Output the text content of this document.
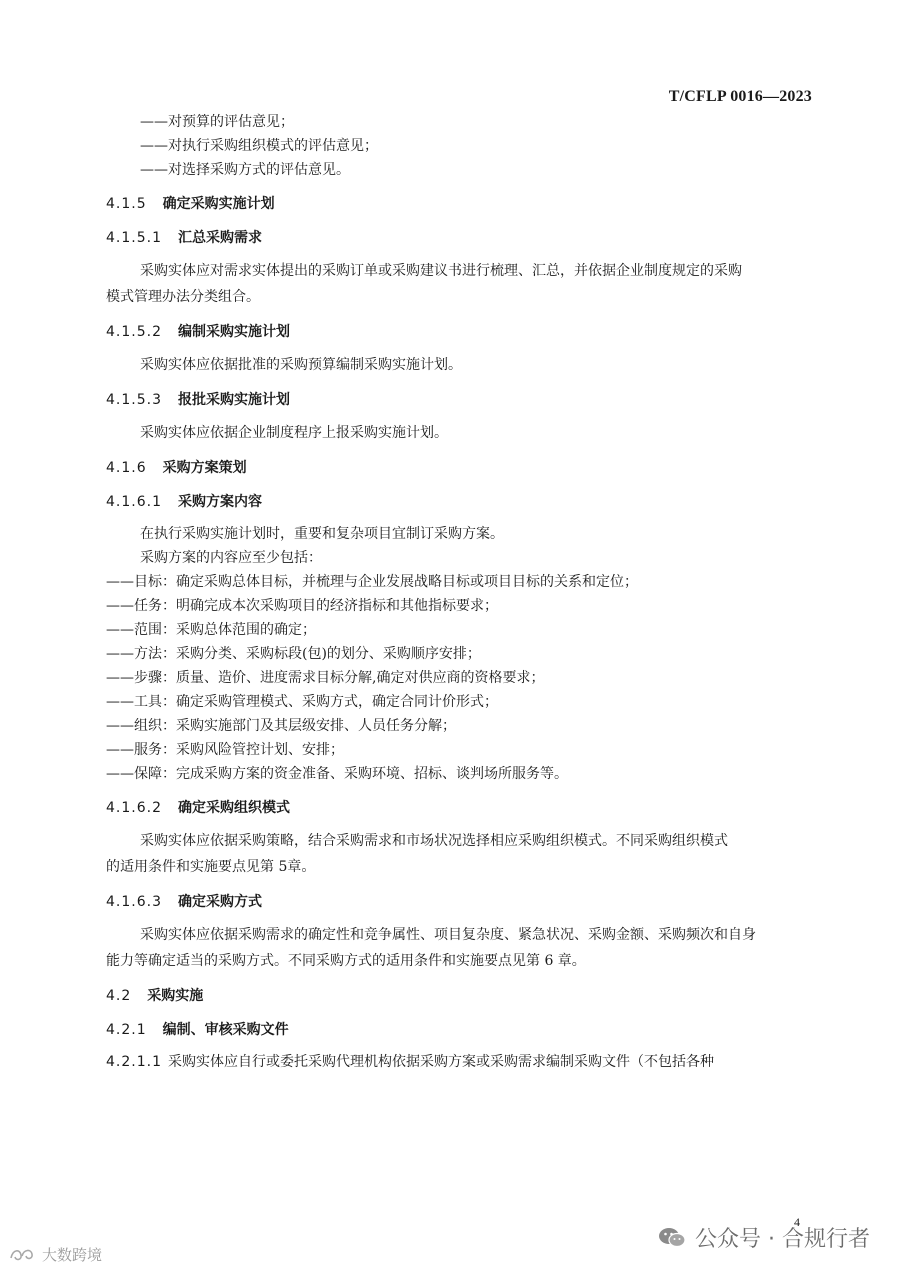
T/CFLP 0016—2023
——对预算的评估意见；
——对执行采购组织模式的评估意见；
——对选择采购方式的评估意见。
4.1.5 确定采购实施计划
4.1.5.1 汇总采购需求
采购实体应对需求实体提出的采购订单或采购建议书进行梳理、汇总，并依据企业制度规定的采购
模式管理办法分类组合。
4.1.5.2 编制采购实施计划
采购实体应依据批准的采购预算编制采购实施计划。
4.1.5.3 报批采购实施计划
采购实体应依据企业制度程序上报采购实施计划。
4.1.6 采购方案策划
4.1.6.1 采购方案内容
在执行采购实施计划时，重要和复杂项目宜制订采购方案。
采购方案的内容应至少包括：
——目标：确定采购总体目标，并梳理与企业发展战略目标或项目目标的关系和定位；
——任务：明确完成本次采购项目的经济指标和其他指标要求；
——范围：采购总体范围的确定；
——方法：采购分类、采购标段(包)的划分、采购顺序安排；
——步骤：质量、造价、进度需求目标分解,确定对供应商的资格要求；
——工具：确定采购管理模式、采购方式，确定合同计价形式；
——组织：采购实施部门及其层级安排、人员任务分解；
——服务：采购风险管控计划、安排；
——保障：完成采购方案的资金准备、采购环境、招标、谈判场所服务等。
4.1.6.2 确定采购组织模式
采购实体应依据采购策略，结合采购需求和市场状况选择相应采购组织模式。不同采购组织模式
的适用条件和实施要点见第 5章。
4.1.6.3 确定采购方式
采购实体应依据采购需求的确定性和竞争属性、项目复杂度、紧急状况、采购金额、采购频次和自身
能力等确定适当的采购方式。不同采购方式的适用条件和实施要点见第 6 章。
4.2 采购实施
4.2.1 编制、审核采购文件
4.2.1.1 采购实体应自行或委托采购代理机构依据采购方案或采购需求编制采购文件（不包括各种
4
公众号 · 合规行者
大数跨境
